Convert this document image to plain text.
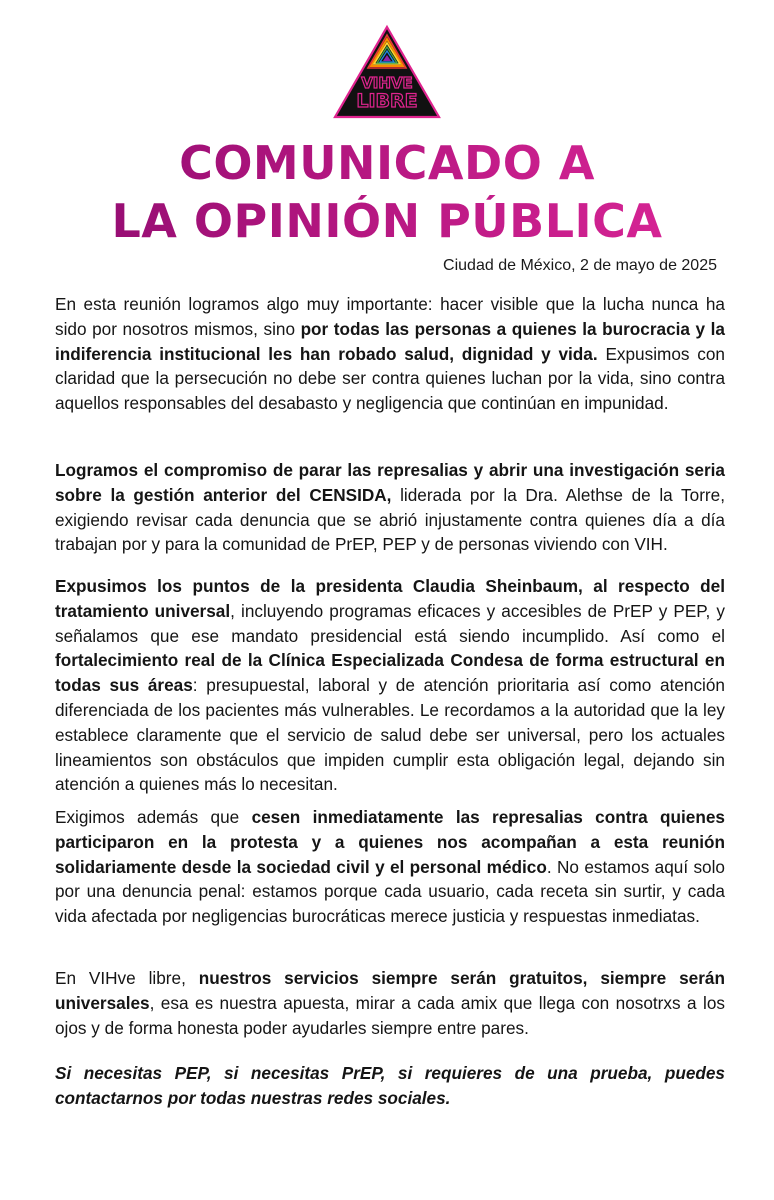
VIHVE
LIBRE
COMUNICADO A
LA OPINIÓN PÚBLICA
Ciudad de México, 2 de mayo de 2025

En esta reunión logramos algo muy importante: hacer visible que la lucha nunca ha sido por nosotros mismos, sino por todas las personas a quienes la burocracia y la indiferencia institucional les han robado salud, dignidad y vida. Expusimos con claridad que la persecución no debe ser contra quienes luchan por la vida, sino contra aquellos responsables del desabasto y negligencia que continúan en impunidad.

Logramos el compromiso de parar las represalias y abrir una investigación seria sobre la gestión anterior del CENSIDA, liderada por la Dra. Alethse de la Torre, exigiendo revisar cada denuncia que se abrió injustamente contra quienes día a día trabajan por y para la comunidad de PrEP, PEP y de personas viviendo con VIH.

Expusimos los puntos de la presidenta Claudia Sheinbaum, al respecto del tratamiento universal, incluyendo programas eficaces y accesibles de PrEP y PEP, y señalamos que ese mandato presidencial está siendo incumplido. Así como el fortalecimiento real de la Clínica Especializada Condesa de forma estructural en todas sus áreas: presupuestal, laboral y de atención prioritaria así como atención diferenciada de los pacientes más vulnerables. Le recordamos a la autoridad que la ley establece claramente que el servicio de salud debe ser universal, pero los actuales lineamientos son obstáculos que impiden cumplir esta obligación legal, dejando sin atención a quienes más lo necesitan.

Exigimos además que cesen inmediatamente las represalias contra quienes participaron en la protesta y a quienes nos acompañan a esta reunión solidariamente desde la sociedad civil y el personal médico. No estamos aquí solo por una denuncia penal: estamos porque cada usuario, cada receta sin surtir, y cada vida afectada por negligencias burocráticas merece justicia y respuestas inmediatas.

En VIHve libre, nuestros servicios siempre serán gratuitos, siempre serán universales, esa es nuestra apuesta, mirar a cada amix que llega con nosotrxs a los ojos y de forma honesta poder ayudarles siempre entre pares.

Si necesitas PEP, si necesitas PrEP, si requieres de una prueba, puedes contactarnos por todas nuestras redes sociales.
